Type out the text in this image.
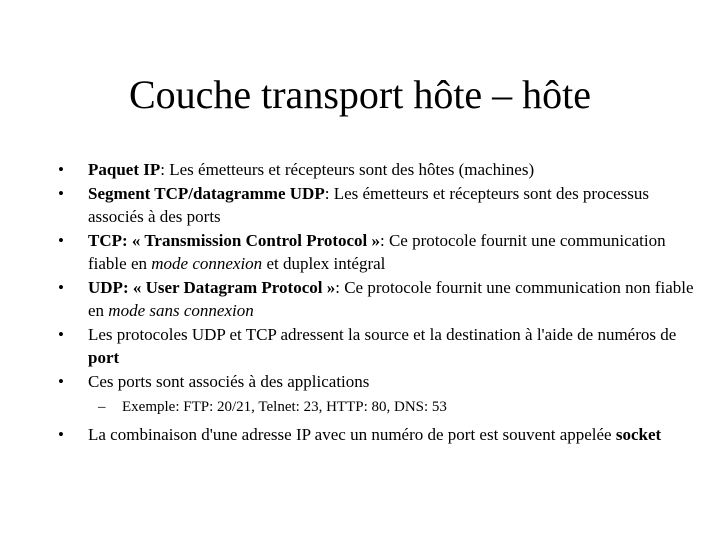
Couche transport hôte – hôte
•	Paquet IP: Les émetteurs et récepteurs sont des hôtes (machines)
•	Segment TCP/datagramme UDP: Les émetteurs et récepteurs sont des processus associés à des ports
•	TCP: « Transmission Control Protocol »: Ce protocole fournit une communication fiable en mode connexion et duplex intégral
•	UDP: « User Datagram Protocol »: Ce protocole fournit une communication non fiable en mode sans connexion
•	Les protocoles UDP et TCP adressent la source et la destination à l'aide de numéros de port
•	Ces ports sont associés à des applications
– Exemple: FTP: 20/21, Telnet: 23, HTTP: 80, DNS: 53
•	La combinaison d'une adresse IP avec un numéro de port est souvent appelée socket
